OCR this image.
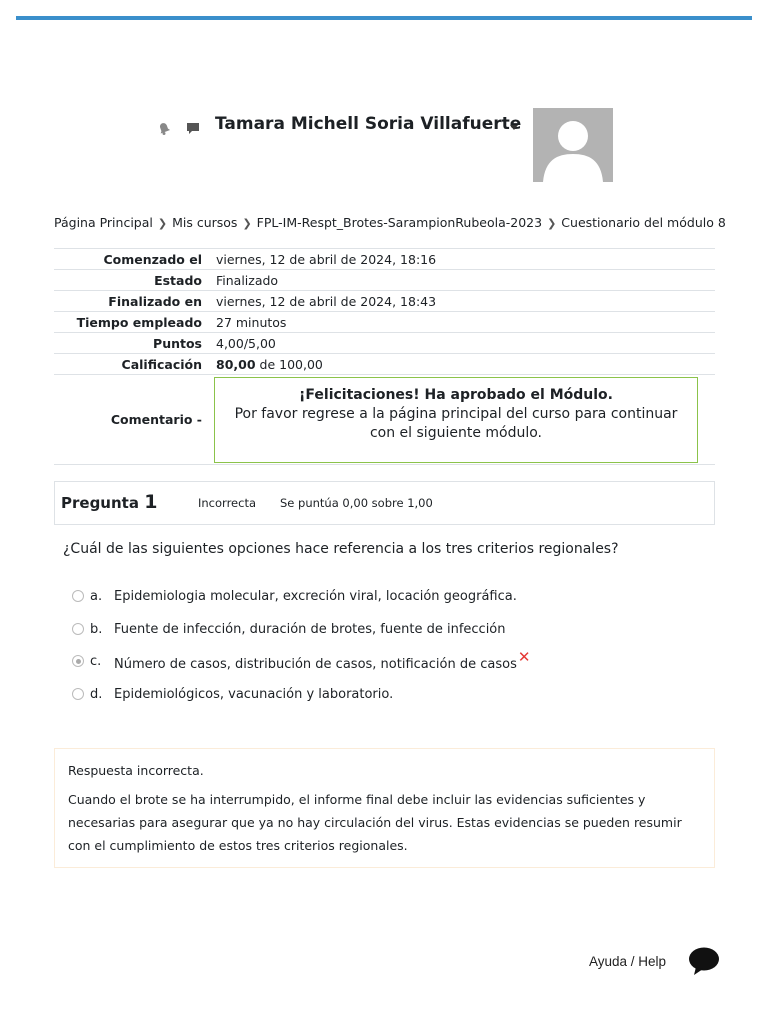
Tamara Michell Soria Villafuerte
Página Principal ❯ Mis cursos ❯ FPL-IM-Respt_Brotes-SarampionRubeola-2023 ❯ Cuestionario del módulo 8
Comenzado el	viernes, 12 de abril de 2024, 18:16
Estado	Finalizado
Finalizado en	viernes, 12 de abril de 2024, 18:43
Tiempo empleado	27 minutos
Puntos	4,00/5,00
Calificación	80,00 de 100,00
Comentario -	¡Felicitaciones! Ha aprobado el Módulo.
Por favor regrese a la página principal del curso para continuar con el siguiente módulo.
Pregunta 1	Incorrecta Se puntúa 0,00 sobre 1,00
¿Cuál de las siguientes opciones hace referencia a los tres criterios regionales?
a. Epidemiologia molecular, excreción viral, locación geográfica.
b. Fuente de infección, duración de brotes, fuente de infección
c. Número de casos, distribución de casos, notificación de casos✕
d. Epidemiológicos, vacunación y laboratorio.
Respuesta incorrecta.
Cuando el brote se ha interrumpido, el informe final debe incluir las evidencias suficientes y necesarias para asegurar que ya no hay circulación del virus. Estas evidencias se pueden resumir con el cumplimiento de estos tres criterios regionales.
Ayuda / Help
